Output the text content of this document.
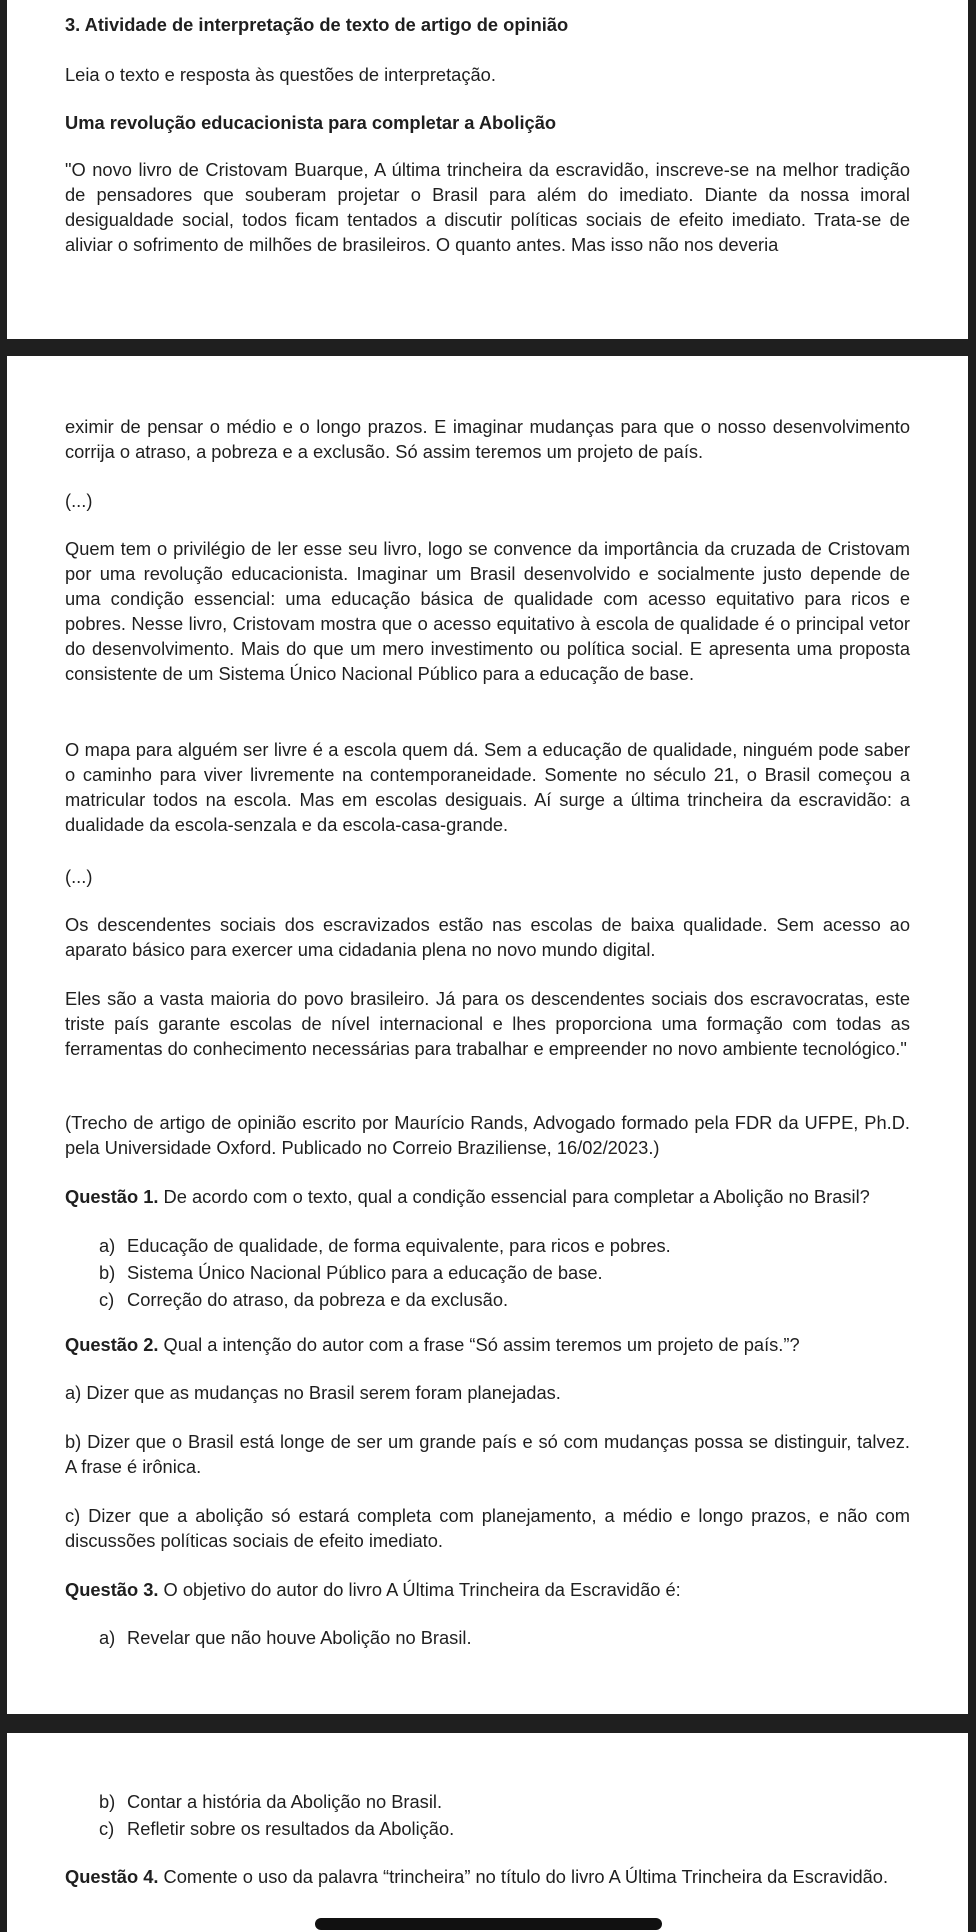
3. Atividade de interpretação de texto de artigo de opinião

Leia o texto e resposta às questões de interpretação.

Uma revolução educacionista para completar a Abolição

"O novo livro de Cristovam Buarque, A última trincheira da escravidão, inscreve-se na melhor tradição de pensadores que souberam projetar o Brasil para além do imediato. Diante da nossa imoral desigualdade social, todos ficam tentados a discutir políticas sociais de efeito imediato. Trata-se de aliviar o sofrimento de milhões de brasileiros. O quanto antes. Mas isso não nos deveria

eximir de pensar o médio e o longo prazos. E imaginar mudanças para que o nosso desenvolvimento corrija o atraso, a pobreza e a exclusão. Só assim teremos um projeto de país.

(...)

Quem tem o privilégio de ler esse seu livro, logo se convence da importância da cruzada de Cristovam por uma revolução educacionista. Imaginar um Brasil desenvolvido e socialmente justo depende de uma condição essencial: uma educação básica de qualidade com acesso equitativo para ricos e pobres. Nesse livro, Cristovam mostra que o acesso equitativo à escola de qualidade é o principal vetor do desenvolvimento. Mais do que um mero investimento ou política social. E apresenta uma proposta consistente de um Sistema Único Nacional Público para a educação de base.

O mapa para alguém ser livre é a escola quem dá. Sem a educação de qualidade, ninguém pode saber o caminho para viver livremente na contemporaneidade. Somente no século 21, o Brasil começou a matricular todos na escola. Mas em escolas desiguais. Aí surge a última trincheira da escravidão: a dualidade da escola-senzala e da escola-casa-grande.

(...)

Os descendentes sociais dos escravizados estão nas escolas de baixa qualidade. Sem acesso ao aparato básico para exercer uma cidadania plena no novo mundo digital.

Eles são a vasta maioria do povo brasileiro. Já para os descendentes sociais dos escravocratas, este triste país garante escolas de nível internacional e lhes proporciona uma formação com todas as ferramentas do conhecimento necessárias para trabalhar e empreender no novo ambiente tecnológico."

(Trecho de artigo de opinião escrito por Maurício Rands, Advogado formado pela FDR da UFPE, Ph.D. pela Universidade Oxford. Publicado no Correio Braziliense, 16/02/2023.)

Questão 1. De acordo com o texto, qual a condição essencial para completar a Abolição no Brasil?

a) Educação de qualidade, de forma equivalente, para ricos e pobres.
b) Sistema Único Nacional Público para a educação de base.
c) Correção do atraso, da pobreza e da exclusão.

Questão 2. Qual a intenção do autor com a frase “Só assim teremos um projeto de país.”?

a) Dizer que as mudanças no Brasil serem foram planejadas.

b) Dizer que o Brasil está longe de ser um grande país e só com mudanças possa se distinguir, talvez. A frase é irônica.

c) Dizer que a abolição só estará completa com planejamento, a médio e longo prazos, e não com discussões políticas sociais de efeito imediato.

Questão 3. O objetivo do autor do livro A Última Trincheira da Escravidão é:

a) Revelar que não houve Abolição no Brasil.
b) Contar a história da Abolição no Brasil.
c) Refletir sobre os resultados da Abolição.

Questão 4. Comente o uso da palavra “trincheira” no título do livro A Última Trincheira da Escravidão.
